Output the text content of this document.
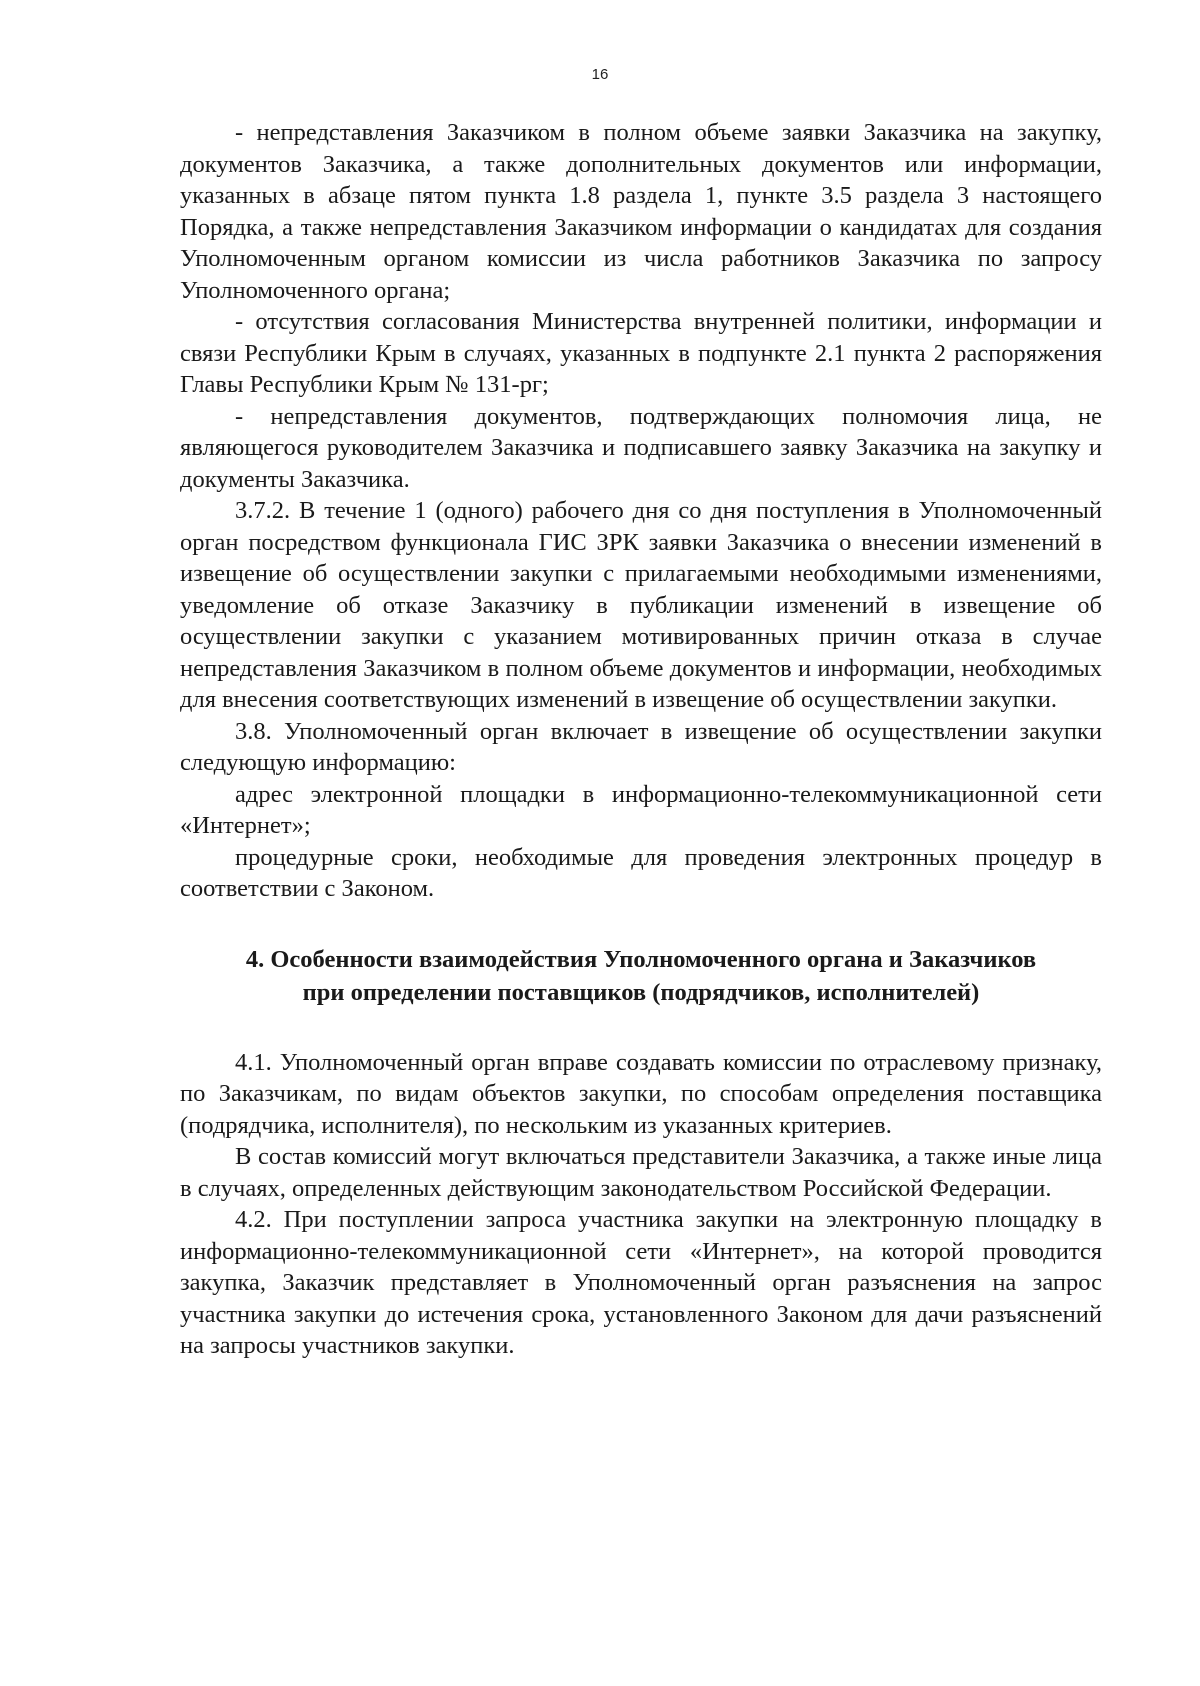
16

- непредставления Заказчиком в полном объеме заявки Заказчика на закупку, документов Заказчика, а также дополнительных документов или информации, указанных в абзаце пятом пункта 1.8 раздела 1, пункте 3.5 раздела 3 настоящего Порядка, а также непредставления Заказчиком информации о кандидатах для создания Уполномоченным органом комиссии из числа работников Заказчика по запросу Уполномоченного органа;

- отсутствия согласования Министерства внутренней политики, информации и связи Республики Крым в случаях, указанных в подпункте 2.1 пункта 2 распоряжения Главы Республики Крым № 131-рг;

- непредставления документов, подтверждающих полномочия лица, не являющегося руководителем Заказчика и подписавшего заявку Заказчика на закупку и документы Заказчика.

3.7.2. В течение 1 (одного) рабочего дня со дня поступления в Уполномоченный орган посредством функционала ГИС ЗРК заявки Заказчика о внесении изменений в извещение об осуществлении закупки с прилагаемыми необходимыми изменениями, уведомление об отказе Заказчику в публикации изменений в извещение об осуществлении закупки с указанием мотивированных причин отказа в случае непредставления Заказчиком в полном объеме документов и информации, необходимых для внесения соответствующих изменений в извещение об осуществлении закупки.

3.8. Уполномоченный орган включает в извещение об осуществлении закупки следующую информацию:

адрес электронной площадки в информационно-телекоммуникационной сети «Интернет»;

процедурные сроки, необходимые для проведения электронных процедур в соответствии с Законом.

4. Особенности взаимодействия Уполномоченного органа и Заказчиков
при определении поставщиков (подрядчиков, исполнителей)

4.1. Уполномоченный орган вправе создавать комиссии по отраслевому признаку, по Заказчикам, по видам объектов закупки, по способам определения поставщика (подрядчика, исполнителя), по нескольким из указанных критериев.

В состав комиссий могут включаться представители Заказчика, а также иные лица в случаях, определенных действующим законодательством Российской Федерации.

4.2. При поступлении запроса участника закупки на электронную площадку в информационно-телекоммуникационной сети «Интернет», на которой проводится закупка, Заказчик представляет в Уполномоченный орган разъяснения на запрос участника закупки до истечения срока, установленного Законом для дачи разъяснений на запросы участников закупки.
